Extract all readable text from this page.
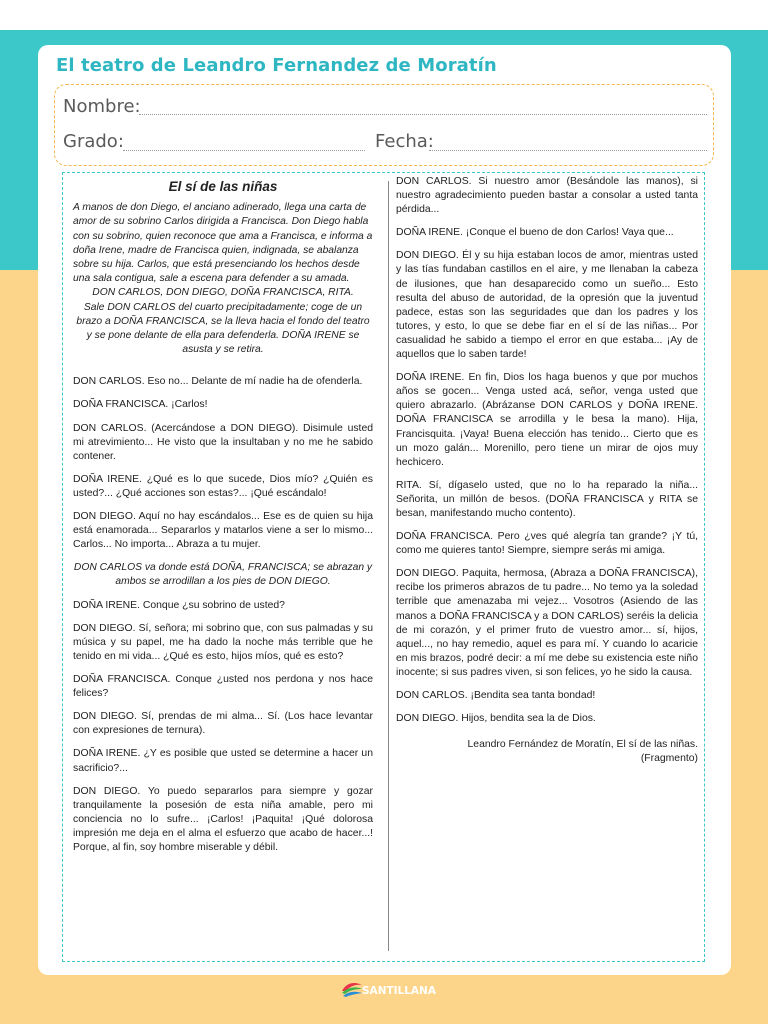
El teatro de Leandro Fernandez de Moratín
Nombre:
Grado:	Fecha:
El sí de las niñas
A manos de don Diego, el anciano adinerado, llega una carta de amor de su sobrino Carlos dirigida a Francisca. Don Diego habla con su sobrino, quien reconoce que ama a Francisca, e informa a doña Irene, madre de Francisca quien, indignada, se abalanza sobre su hija. Carlos, que está presenciando los hechos desde una sala contigua, sale a escena para defender a su amada.
DON CARLOS, DON DIEGO, DOÑA FRANCISCA, RITA.
Sale DON CARLOS del cuarto precipitadamente; coge de un brazo a DOÑA FRANCISCA, se la lleva hacia el fondo del teatro y se pone delante de ella para defenderla. DOÑA IRENE se asusta y se retira.
DON CARLOS. Eso no... Delante de mí nadie ha de ofenderla.
DOÑA FRANCISCA. ¡Carlos!
DON CARLOS. (Acercándose a DON DIEGO). Disimule usted mi atrevimiento... He visto que la insultaban y no me he sabido contener.
DOÑA IRENE. ¿Qué es lo que sucede, Dios mío? ¿Quién es usted?... ¿Qué acciones son estas?... ¡Qué escándalo!
DON DIEGO. Aquí no hay escándalos... Ese es de quien su hija está enamorada... Separarlos y matarlos viene a ser lo mismo... Carlos... No importa... Abraza a tu mujer.
DON CARLOS va donde está DOÑA, FRANCISCA; se abrazan y ambos se arrodillan a los pies de DON DIEGO.
DOÑA IRENE. Conque ¿su sobrino de usted?
DON DIEGO. Sí, señora; mi sobrino que, con sus palmadas y su música y su papel, me ha dado la noche más terrible que he tenido en mi vida... ¿Qué es esto, hijos míos, qué es esto?
DOÑA FRANCISCA. Conque ¿usted nos perdona y nos hace felices?
DON DIEGO. Sí, prendas de mi alma... Sí. (Los hace levantar con expresiones de ternura).
DOÑA IRENE. ¿Y es posible que usted se determine a hacer un sacrificio?...
DON DIEGO. Yo puedo separarlos para siempre y gozar tranquilamente la posesión de esta niña amable, pero mi conciencia no lo sufre... ¡Carlos! ¡Paquita! ¡Qué dolorosa impresión me deja en el alma el esfuerzo que acabo de hacer...! Porque, al fin, soy hombre miserable y débil.
DON CARLOS. Si nuestro amor (Besándole las manos), si nuestro agradecimiento pueden bastar a consolar a usted tanta pérdida...
DOÑA IRENE. ¡Conque el bueno de don Carlos! Vaya que...
DON DIEGO. Él y su hija estaban locos de amor, mientras usted y las tías fundaban castillos en el aire, y me llenaban la cabeza de ilusiones, que han desaparecido como un sueño... Esto resulta del abuso de autoridad, de la opresión que la juventud padece, estas son las seguridades que dan los padres y los tutores, y esto, lo que se debe fiar en el sí de las niñas... Por casualidad he sabido a tiempo el error en que estaba... ¡Ay de aquellos que lo saben tarde!
DOÑA IRENE. En fin, Dios los haga buenos y que por muchos años se gocen... Venga usted acá, señor, venga usted que quiero abrazarlo. (Abrázanse DON CARLOS y DOÑA IRENE. DOÑA FRANCISCA se arrodilla y le besa la mano). Hija, Francisquita. ¡Vaya! Buena elección has tenido... Cierto que es un mozo galán... Morenillo, pero tiene un mirar de ojos muy hechicero.
RITA. Sí, dígaselo usted, que no lo ha reparado la niña... Señorita, un millón de besos. (DOÑA FRANCISCA y RITA se besan, manifestando mucho contento).
DOÑA FRANCISCA. Pero ¿ves qué alegría tan grande? ¡Y tú, como me quieres tanto! Siempre, siempre serás mi amiga.
DON DIEGO. Paquita, hermosa, (Abraza a DOÑA FRANCISCA), recibe los primeros abrazos de tu padre... No temo ya la soledad terrible que amenazaba mi vejez... Vosotros (Asiendo de las manos a DOÑA FRANCISCA y a DON CARLOS) seréis la delicia de mi corazón, y el primer fruto de vuestro amor... sí, hijos, aquel..., no hay remedio, aquel es para mí. Y cuando lo acaricie en mis brazos, podré decir: a mí me debe su existencia este niño inocente; si sus padres viven, si son felices, yo he sido la causa.
DON CARLOS. ¡Bendita sea tanta bondad!
DON DIEGO. Hijos, bendita sea la de Dios.
Leandro Fernández de Moratín, El sí de las niñas.
(Fragmento)
SANTILLANA
